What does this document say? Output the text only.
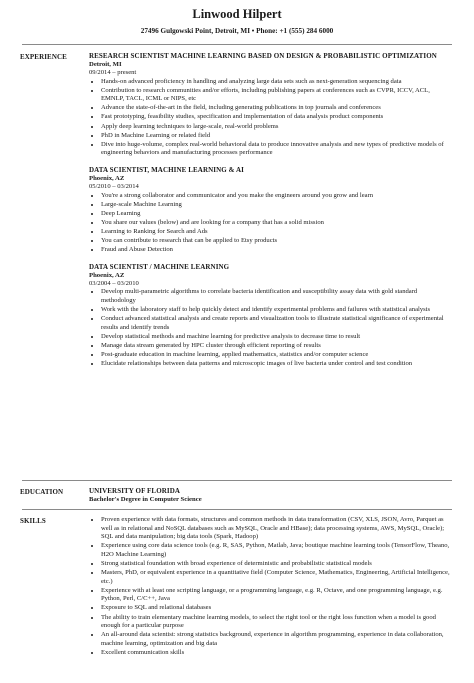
Linwood Hilpert
27496 Gulgowski Point, Detroit, MI • Phone: +1 (555) 284 6000
EXPERIENCE	RESEARCH SCIENTIST MACHINE LEARNING BASED ON DESIGN & PROBABILISTIC OPTIMIZATION
Detroit, MI
09/2014 – present
• Hands-on advanced proficiency in handling and analyzing large data sets such as next-generation sequencing data
• Contribution to research communities and/or efforts, including publishing papers at conferences such as CVPR, ICCV, ACL, EMNLP, TACL, ICML or NIPS, etc
• Advance the state-of-the-art in the field, including generating publications in top journals and conferences
• Fast prototyping, feasibility studies, specification and implementation of data analysis product components
• Apply deep learning techniques to large-scale, real-world problems
• PhD in Machine Learning or related field
• Dive into huge-volume, complex real-world behavioral data to produce innovative analysis and new types of predictive models of engineering behaviors and manufacturing processes performance
DATA SCIENTIST, MACHINE LEARNING & AI
Phoenix, AZ
05/2010 – 03/2014
• You're a strong collaborator and communicator and you make the engineers around you grow and learn
• Large-scale Machine Learning
• Deep Learning
• You share our values (below) and are looking for a company that has a solid mission
• Learning to Ranking for Search and Ads
• You can contribute to research that can be applied to Etsy products
• Fraud and Abuse Detection
DATA SCIENTIST / MACHINE LEARNING
Phoenix, AZ
03/2004 – 03/2010
• Develop multi-parametric algorithms to correlate bacteria identification and susceptibility assay data with gold standard methodology
• Work with the laboratory staff to help quickly detect and identify experimental problems and failures with statistical analysis
• Conduct advanced statistical analysis and create reports and visualization tools to illustrate statistical significance of experimental results and identify trends
• Develop statistical methods and machine learning for predictive analysis to decrease time to result
• Manage data stream generated by HPC cluster through efficient reporting of results
• Post-graduate education in machine learning, applied mathematics, statistics and/or computer science
• Elucidate relationships between data patterns and microscopic images of live bacteria under control and test condition
EDUCATION	UNIVERSITY OF FLORIDA
Bachelor's Degree in Computer Science
SKILLS
•	Proven experience with data formats, structures and common methods in data transformation (CSV, XLS, JSON, Avro, Parquet as well as in relational and NoSQL databases such as MySQL, Oracle and HBase); data processing systems, AWS, MySQL, Oracle); SQL and data manipulation; big data tools (Spark, Hadoop)
• Experience using core data science tools (e.g. R, SAS, Python, Matlab, Java; boutique machine learning tools (TensorFlow, Theano, H2O Machine Learning)
• Strong statistical foundation with broad experience of deterministic and probabilistic statistical models
• Masters, PhD, or equivalent experience in a quantitative field (Computer Science, Mathematics, Engineering, Artificial Intelligence, etc.)
• Experience with at least one scripting language, or a programming language, e.g. R, Octave, and one programming language, e.g. Python, Perl, C/C++, Java
• Exposure to SQL and relational databases
• The ability to train elementary machine learning models, to select the right tool or the right loss function when a model is good enough for a particular purpose
• An all-around data scientist: strong statistics background, experience in algorithm programming, experience in data collaboration, machine learning, optimization and big data
• Excellent communication skills
